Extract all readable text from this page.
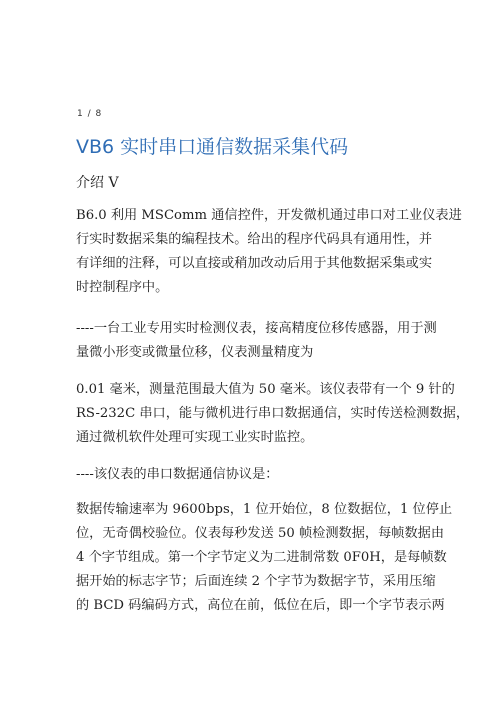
1 / 8
VB6 实时串口通信数据采集代码
介绍 V
B6.0 利用 MSComm 通信控件，开发微机通过串口对工业仪表进
行实时数据采集的编程技术。给出的程序代码具有通用性，并
有详细的注释，可以直接或稍加改动后用于其他数据采集或实
时控制程序中。
----一台工业专用实时检测仪表，接高精度位移传感器，用于测
量微小形变或微量位移，仪表测量精度为
0.01 毫米，测量范围最大值为 50 毫米。该仪表带有一个 9 针的
RS-232C 串口，能与微机进行串口数据通信，实时传送检测数据，
通过微机软件处理可实现工业实时监控。
----该仪表的串口数据通信协议是：
数据传输速率为 9600bps，1 位开始位，8 位数据位，1 位停止
位，无奇偶校验位。仪表每秒发送 50 帧检测数据，每帧数据由
4 个字节组成。第一个字节定义为二进制常数 0F0H，是每帧数
据开始的标志字节；后面连续 2 个字节为数据字节，采用压缩
的 BCD 码编码方式，高位在前，低位在后，即一个字节表示两
